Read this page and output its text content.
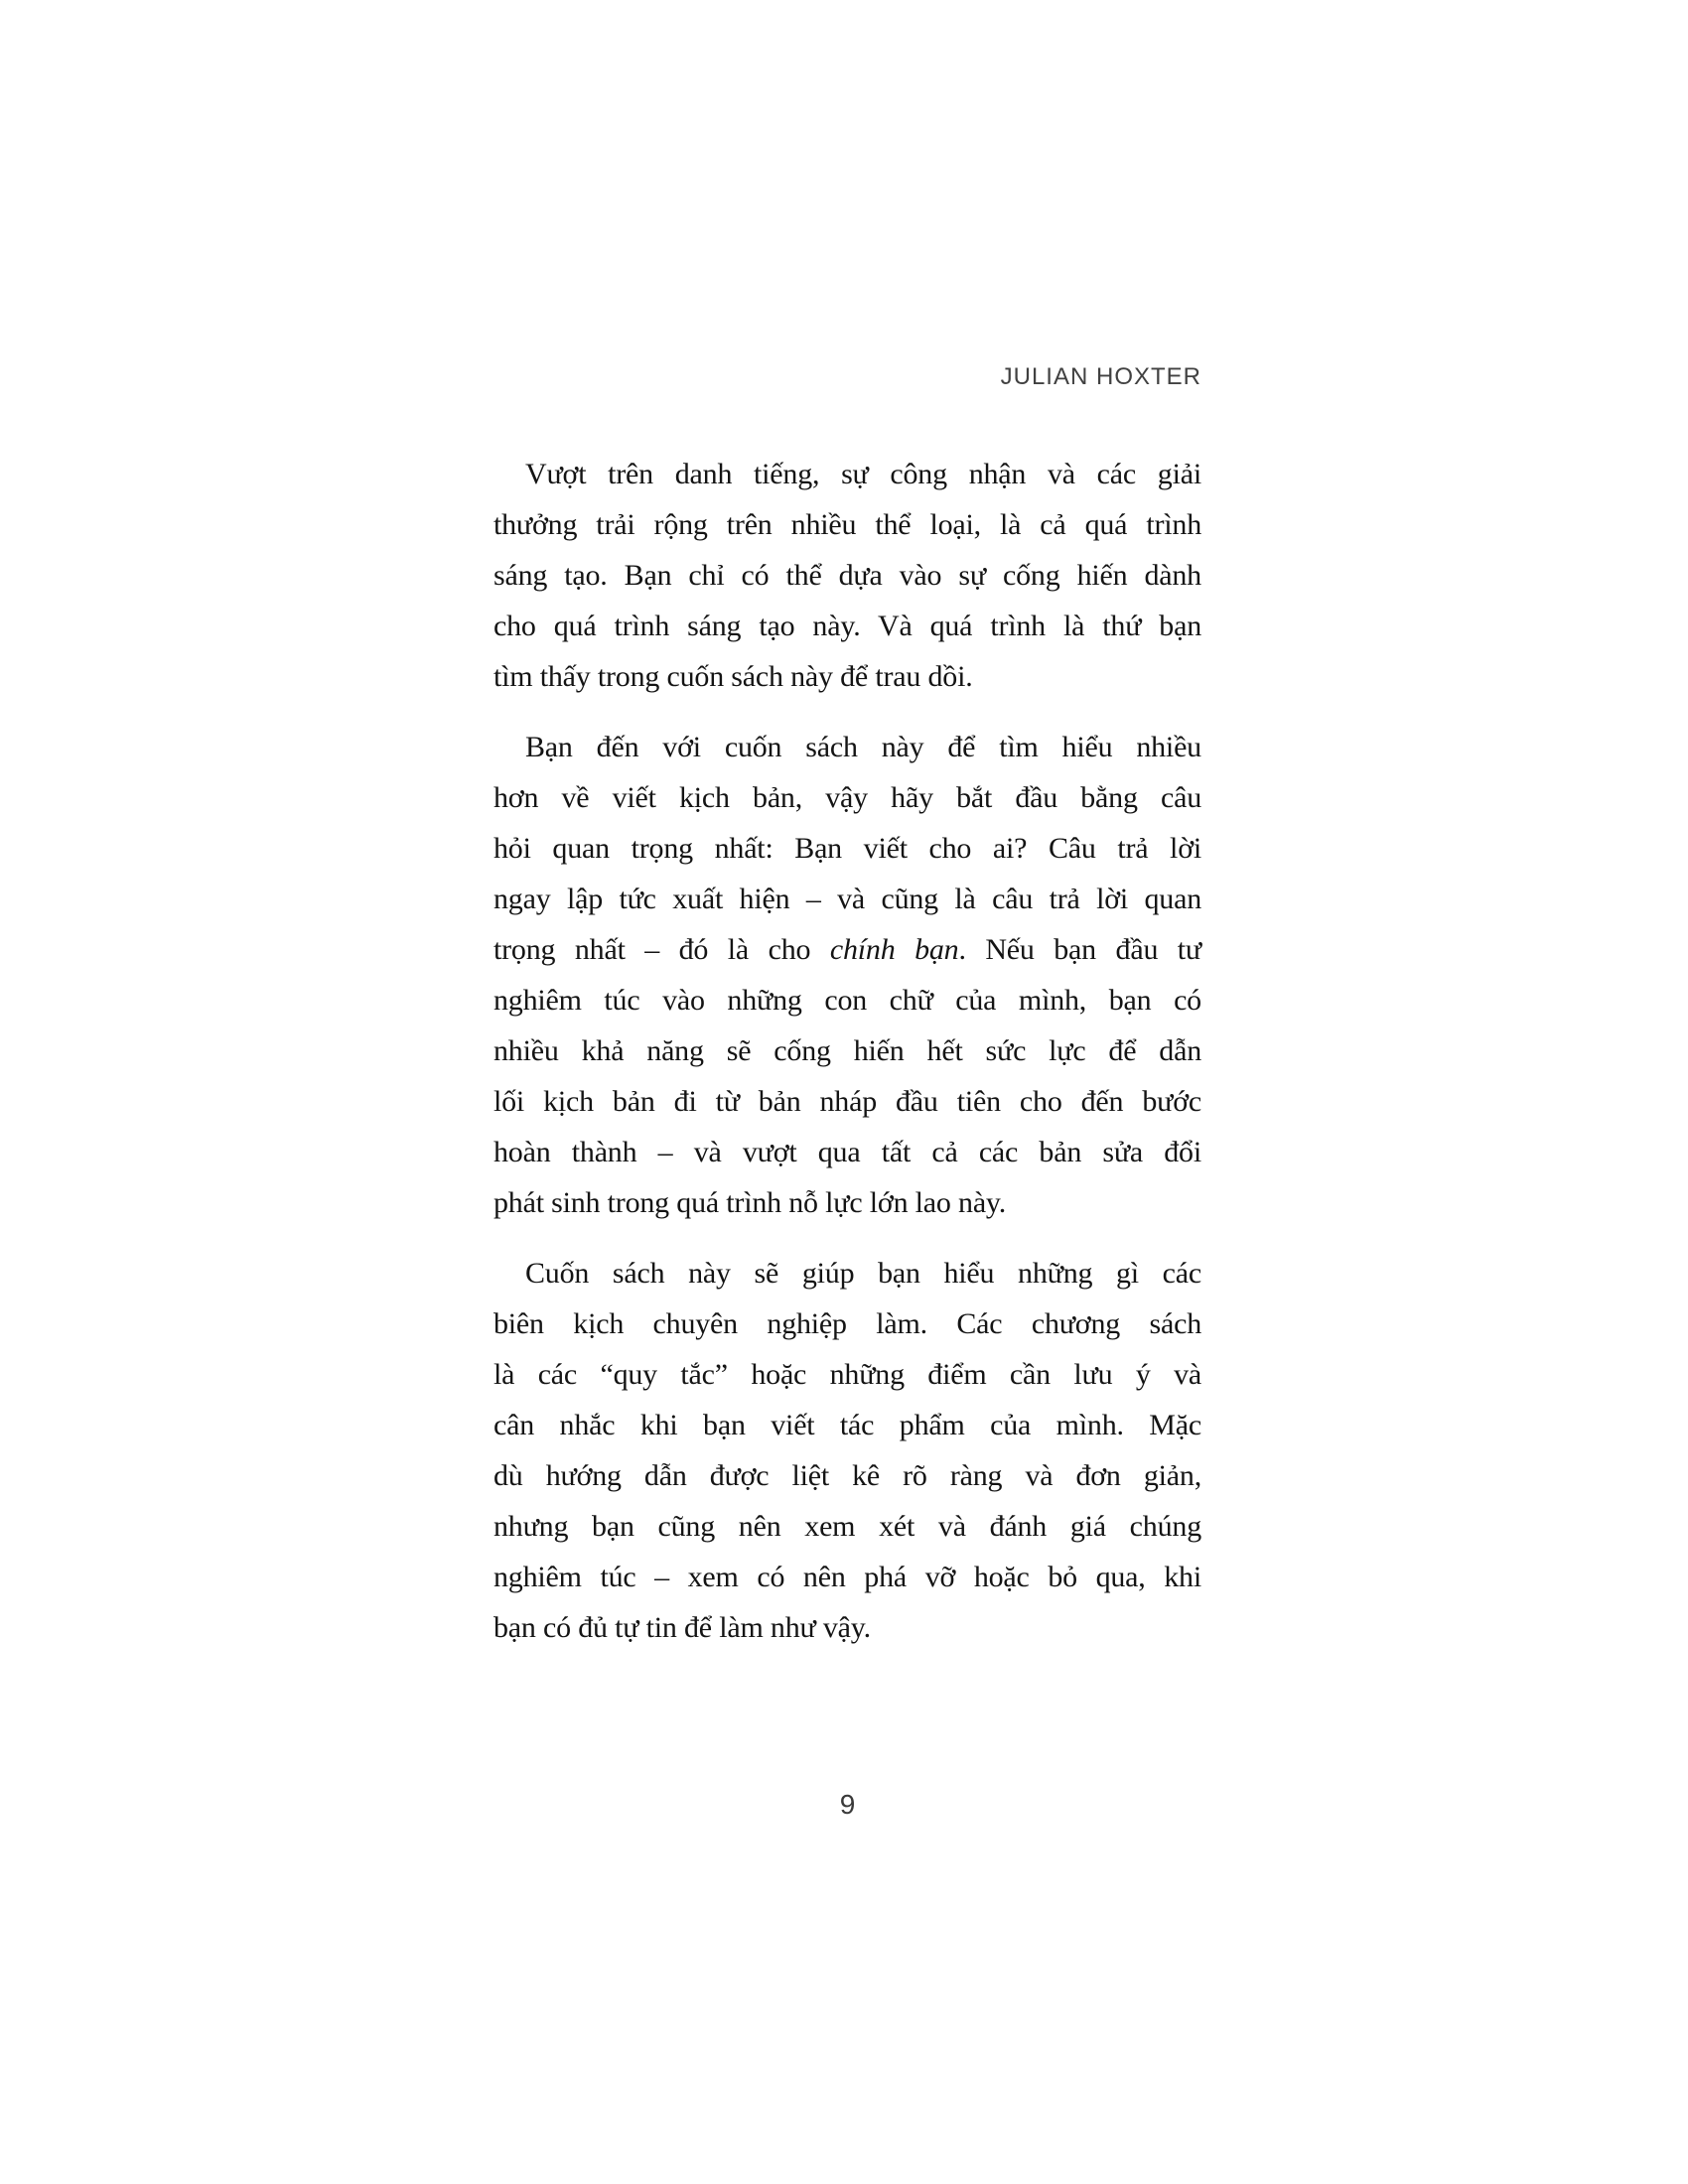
JULIAN HOXTER
Vượt trên danh tiếng, sự công nhận và các giải
thưởng trải rộng trên nhiều thể loại, là cả quá trình
sáng tạo. Bạn chỉ có thể dựa vào sự cống hiến dành
cho quá trình sáng tạo này. Và quá trình là thứ bạn
tìm thấy trong cuốn sách này để trau dồi.
Bạn đến với cuốn sách này để tìm hiểu nhiều
hơn về viết kịch bản, vậy hãy bắt đầu bằng câu
hỏi quan trọng nhất: Bạn viết cho ai? Câu trả lời
ngay lập tức xuất hiện – và cũng là câu trả lời quan
trọng nhất – đó là cho chính bạn. Nếu bạn đầu tư
nghiêm túc vào những con chữ của mình, bạn có
nhiều khả năng sẽ cống hiến hết sức lực để dẫn
lối kịch bản đi từ bản nháp đầu tiên cho đến bước
hoàn thành – và vượt qua tất cả các bản sửa đổi
phát sinh trong quá trình nỗ lực lớn lao này.
Cuốn sách này sẽ giúp bạn hiểu những gì các
biên kịch chuyên nghiệp làm. Các chương sách
là các “quy tắc” hoặc những điểm cần lưu ý và
cân nhắc khi bạn viết tác phẩm của mình. Mặc
dù hướng dẫn được liệt kê rõ ràng và đơn giản,
nhưng bạn cũng nên xem xét và đánh giá chúng
nghiêm túc – xem có nên phá vỡ hoặc bỏ qua, khi
bạn có đủ tự tin để làm như vậy.
9
